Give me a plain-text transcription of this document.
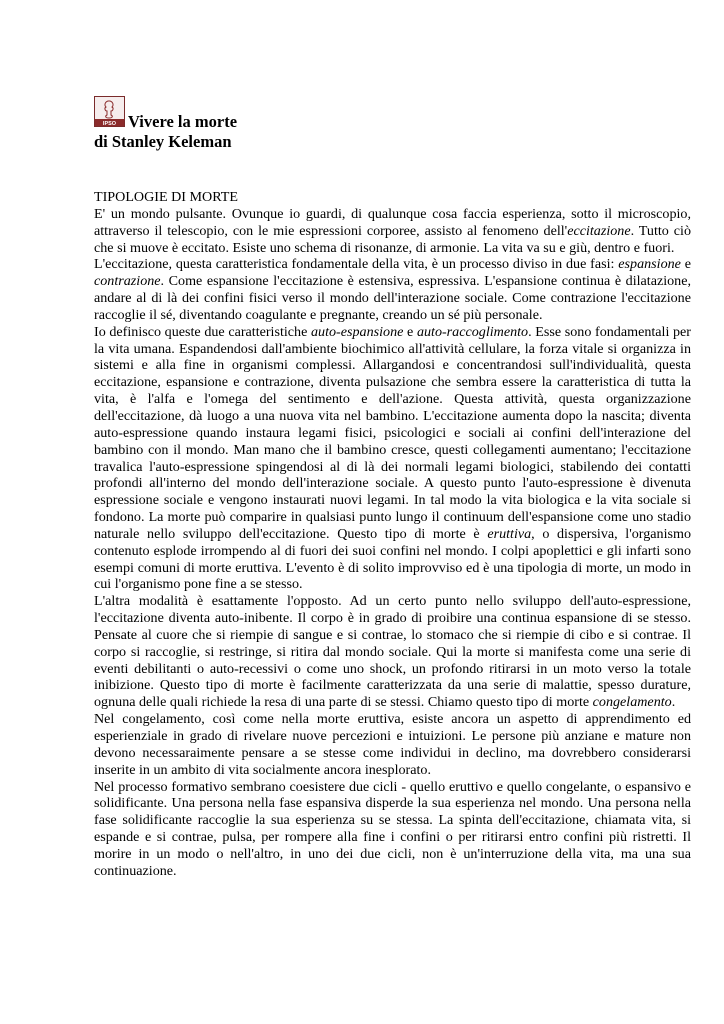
IPSO Vivere la morte
di Stanley Keleman
TIPOLOGIE DI MORTE

E' un mondo pulsante. Ovunque io guardi, di qualunque cosa faccia esperienza, sotto il microscopio, attraverso il telescopio, con le mie espressioni corporee, assisto al fenomeno dell'eccitazione. Tutto ciò che si muove è eccitato. Esiste uno schema di risonanze, di armonie. La vita va su e giù, dentro e fuori.

L'eccitazione, questa caratteristica fondamentale della vita, è un processo diviso in due fasi: espansione e contrazione. Come espansione l'eccitazione è estensiva, espressiva. L'espansione continua è dilatazione, andare al di là dei confini fisici verso il mondo dell'interazione sociale. Come contrazione l'eccitazione raccoglie il sé, diventando coagulante e pregnante, creando un sé più personale.

Io definisco queste due caratteristiche auto-espansione e auto-raccoglimento. Esse sono fondamentali per la vita umana. Espandendosi dall'ambiente biochimico all'attività cellulare, la forza vitale si organizza in sistemi e alla fine in organismi complessi. Allargandosi e concentrandosi sull'individualità, questa eccitazione, espansione e contrazione, diventa pulsazione che sembra essere la caratteristica di tutta la vita, è l'alfa e l'omega del sentimento e dell'azione. Questa attività, questa organizzazione dell'eccitazione, dà luogo a una nuova vita nel bambino. L'eccitazione aumenta dopo la nascita; diventa auto-espressione quando instaura legami fisici, psicologici e sociali ai confini dell'interazione del bambino con il mondo. Man mano che il bambino cresce, questi collegamenti aumentano; l'eccitazione travalica l'auto-espressione spingendosi al di là dei normali legami biologici, stabilendo dei contatti profondi all'interno del mondo dell'interazione sociale. A questo punto l'auto-espressione è divenuta espressione sociale e vengono instaurati nuovi legami. In tal modo la vita biologica e la vita sociale si fondono. La morte può comparire in qualsiasi punto lungo il continuum dell'espansione come uno stadio naturale nello sviluppo dell'eccitazione. Questo tipo di morte è eruttiva, o dispersiva, l'organismo contenuto esplode irrompendo al di fuori dei suoi confini nel mondo. I colpi apoplettici e gli infarti sono esempi comuni di morte eruttiva. L'evento è di solito improvviso ed è una tipologia di morte, un modo in cui l'organismo pone fine a se stesso.

L'altra modalità è esattamente l'opposto. Ad un certo punto nello sviluppo dell'auto-espressione, l'eccitazione diventa auto-inibente. Il corpo è in grado di proibire una continua espansione di se stesso. Pensate al cuore che si riempie di sangue e si contrae, lo stomaco che si riempie di cibo e si contrae. Il corpo si raccoglie, si restringe, si ritira dal mondo sociale. Qui la morte si manifesta come una serie di eventi debilitanti o auto-recessivi o come uno shock, un profondo ritirarsi in un moto verso la totale inibizione. Questo tipo di morte è facilmente caratterizzata da una serie di malattie, spesso durature, ognuna delle quali richiede la resa di una parte di se stessi. Chiamo questo tipo di morte congelamento.

Nel congelamento, così come nella morte eruttiva, esiste ancora un aspetto di apprendimento ed esperienziale in grado di rivelare nuove percezioni e intuizioni. Le persone più anziane e mature non devono necessaraimente pensare a se stesse come individui in declino, ma dovrebbero considerarsi inserite in un ambito di vita socialmente ancora inesplorato.

Nel processo formativo sembrano coesistere due cicli - quello eruttivo e quello congelante, o espansivo e solidificante. Una persona nella fase espansiva disperde la sua esperienza nel mondo. Una persona nella fase solidificante raccoglie la sua esperienza su se stessa. La spinta dell'eccitazione, chiamata vita, si espande e si contrae, pulsa, per rompere alla fine i confini o per ritirarsi entro confini più ristretti. Il morire in un modo o nell'altro, in uno dei due cicli, non è un'interruzione della vita, ma una sua continuazione.
